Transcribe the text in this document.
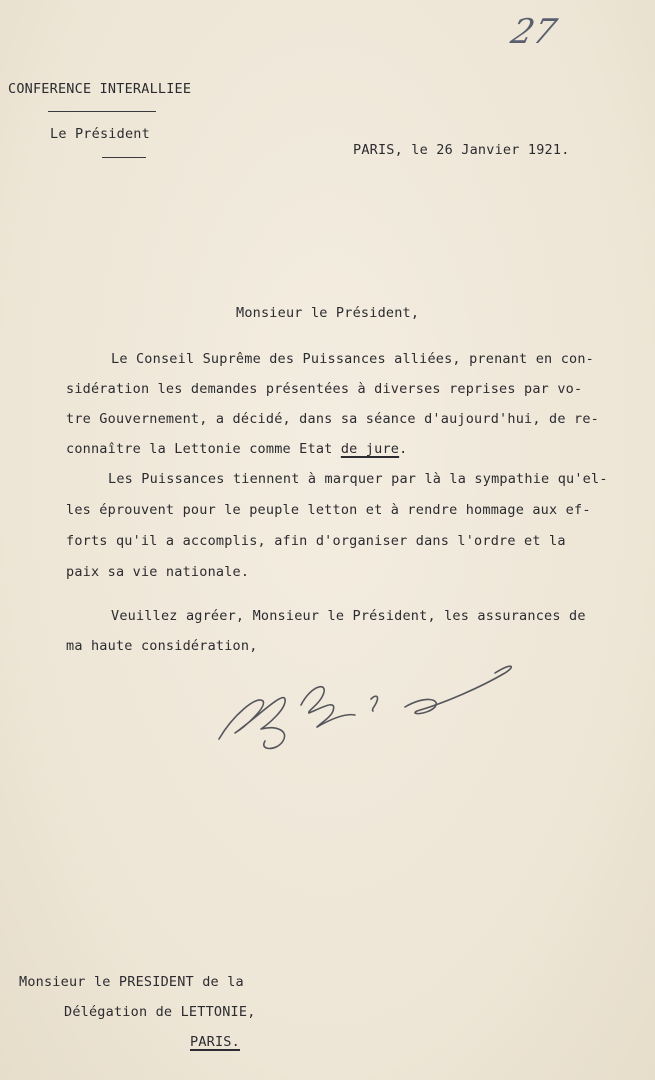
27
CONFERENCE INTERALLIEE
Le Président
PARIS, le 26 Janvier 1921.
Monsieur le Président,
Le Conseil Suprême des Puissances alliées, prenant en con-
sidération les demandes présentées à diverses reprises par vo-
tre Gouvernement, a décidé, dans sa séance d'aujourd'hui, de re-
connaître la Lettonie comme Etat de jure.
Les Puissances tiennent à marquer par là la sympathie qu'el-
les éprouvent pour le peuple letton et à rendre hommage aux ef-
forts qu'il a accomplis, afin d'organiser dans l'ordre et la
paix sa vie nationale.
Veuillez agréer, Monsieur le Président, les assurances de
ma haute considération,
Monsieur le PRESIDENT de la
Délégation de LETTONIE,
PARIS.
